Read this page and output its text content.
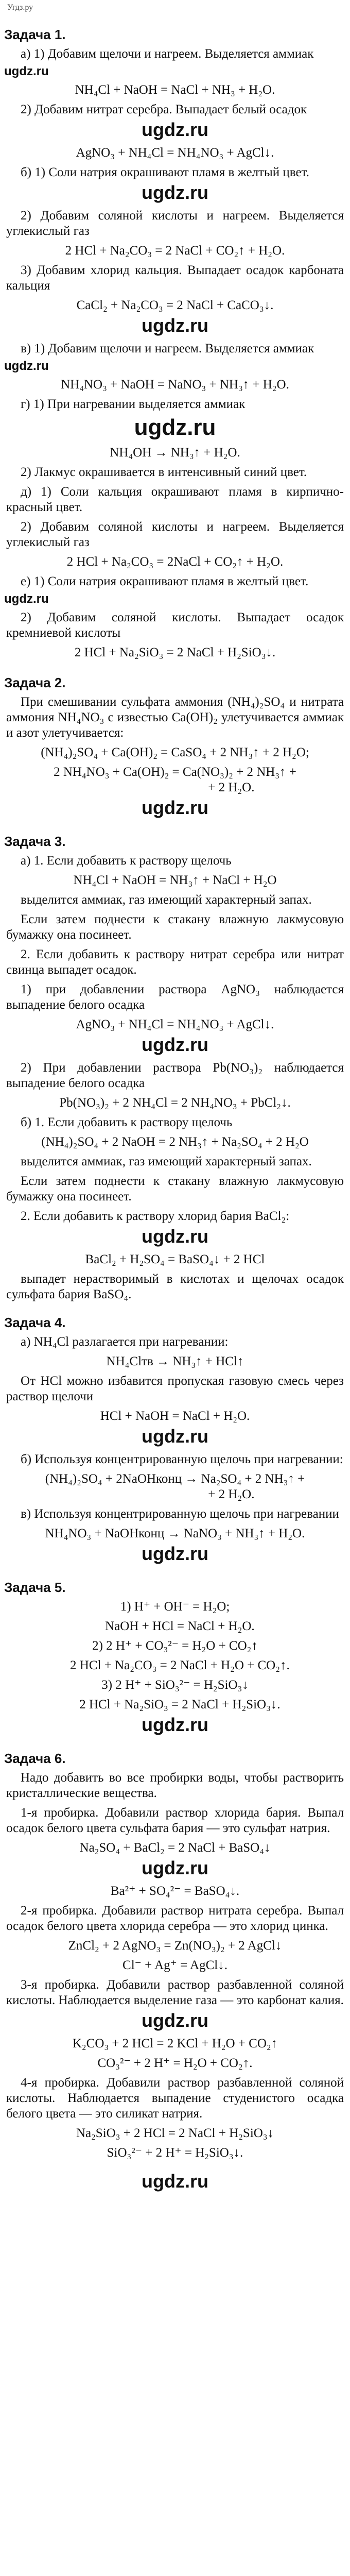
Угдз.ру
Задача 1.
а) 1) Добавим щелочи и нагреем. Выделяется аммиак
ugdz.ru
NH₄Cl + NaOH = NaCl + NH₃ + H₂O.
2) Добавим нитрат серебра. Выпадает белый осадок
ugdz.ru
AgNO₃ + NH₄Cl = NH₄NO₃ + AgCl↓.
б) 1) Соли натрия окрашивают пламя в желтый цвет.
ugdz.ru
2) Добавим соляной кислоты и нагреем. Выделяется углекислый газ
2 HCl + Na₂CO₃ = 2 NaCl + CO₂↑ + H₂O.
3) Добавим хлорид кальция. Выпадает осадок карбоната кальция
CaCl₂ + Na₂CO₃ = 2 NaCl + CaCO₃↓.
ugdz.ru
в) 1) Добавим щелочи и нагреем. Выделяется аммиак
ugdz.ru
NH₄NO₃ + NaOH = NaNO₃ + NH₃↑ + H₂O.
г) 1) При нагревании выделяется аммиак
ugdz.ru
NH₄OH → NH₃↑ + H₂O.
2) Лакмус окрашивается в интенсивный синий цвет.
д) 1) Соли кальция окрашивают пламя в кирпично-красный цвет.
2) Добавим соляной кислоты и нагреем. Выделяется углекислый газ
2 HCl + Na₂CO₃ = 2NaCl + CO₂↑ + H₂O.
е) 1) Соли натрия окрашивают пламя в желтый цвет.
ugdz.ru
2) Добавим соляной кислоты. Выпадает осадок кремниевой кислоты
2 HCl + Na₂SiO₃ = 2 NaCl + H₂SiO₃↓.
Задача 2.
При смешивании сульфата аммония (NH₄)₂SO₄ и нитрата аммония NH₄NO₃ с известью Ca(OH)₂ улетучивается аммиак и азот улетучивается:
(NH₄)₂SO₄ + Ca(OH)₂ = CaSO₄ + 2 NH₃↑ + 2 H₂O;
2 NH₄NO₃ + Ca(OH)₂ = Ca(NO₃)₂ + 2 NH₃↑ +
+ 2 H₂O.
ugdz.ru
Задача 3.
а) 1. Если добавить к раствору щелочь
NH₄Cl + NaOH = NH₃↑ + NaCl + H₂O
выделится аммиак, газ имеющий характерный запах.
Если затем поднести к стакану влажную лакмусовую бумажку она посинеет.
2. Если добавить к раствору нитрат серебра или нитрат свинца выпадет осадок.
1) при добавлении раствора AgNO₃ наблюдается выпадение белого осадка
AgNO₃ + NH₄Cl = NH₄NO₃ + AgCl↓.
ugdz.ru
2) При добавлении раствора Pb(NO₃)₂ наблюдается выпадение белого осадка
Pb(NO₃)₂ + 2 NH₄Cl = 2 NH₄NO₃ + PbCl₂↓.
б) 1. Если добавить к раствору щелочь
(NH₄)₂SO₄ + 2 NaOH = 2 NH₃↑ + Na₂SO₄ + 2 H₂O
выделится аммиак, газ имеющий характерный запах.
Если затем поднести к стакану влажную лакмусовую бумажку она посинеет.
2. Если добавить к раствору хлорид бария BaCl₂:
ugdz.ru
BaCl₂ + H₂SO₄ = BaSO₄↓ + 2 HCl
выпадет нерастворимый в кислотах и щелочах осадок сульфата бария BaSO₄.
Задача 4.
а) NH₄Cl разлагается при нагревании:
NH₄Clтв → NH₃↑ + HCl↑
От HCl можно избавится пропуская газовую смесь через раствор щелочи
HCl + NaOH = NaCl + H₂O.
ugdz.ru
б) Используя концентрированную щелочь при нагревании:
(NH₄)₂SO₄ + 2NaOHконц → Na₂SO₄ + 2 NH₃↑ +
+ 2 H₂O.
в) Используя концентрированную щелочь при нагревании
NH₄NO₃ + NaOHконц → NaNO₃ + NH₃↑ + H₂O.
ugdz.ru
Задача 5.
1) H⁺ + OH⁻ = H₂O;
NaOH + HCl = NaCl + H₂O.
2) 2 H⁺ + CO₃²⁻ = H₂O + CO₂↑
2 HCl + Na₂CO₃ = 2 NaCl + H₂O + CO₂↑.
3) 2 H⁺ + SiO₃²⁻ = H₂SiO₃↓
2 HCl + Na₂SiO₃ = 2 NaCl + H₂SiO₃↓.
ugdz.ru
Задача 6.
Надо добавить во все пробирки воды, чтобы растворить кристаллические вещества.
1-я пробирка. Добавили раствор хлорида бария. Выпал осадок белого цвета сульфата бария — это сульфат натрия.
Na₂SO₄ + BaCl₂ = 2 NaCl + BaSO₄↓
ugdz.ru
Ba²⁺ + SO₄²⁻ = BaSO₄↓.
2-я пробирка. Добавили раствор нитрата серебра. Выпал осадок белого цвета хлорида серебра — это хлорид цинка.
ZnCl₂ + 2 AgNO₃ = Zn(NO₃)₂ + 2 AgCl↓
Cl⁻ + Ag⁺ = AgCl↓.
3-я пробирка. Добавили раствор разбавленной соляной кислоты. Наблюдается выделение газа — это карбонат калия.
ugdz.ru
K₂CO₃ + 2 HCl = 2 KCl + H₂O + CO₂↑
CO₃²⁻ + 2 H⁺ = H₂O + CO₂↑.
4-я пробирка. Добавили раствор разбавленной соляной кислоты. Наблюдается выпадение студенистого осадка белого цвета — это силикат натрия.
Na₂SiO₃ + 2 HCl = 2 NaCl + H₂SiO₃↓
SiO₃²⁻ + 2 H⁺ = H₂SiO₃↓.
ugdz.ru
